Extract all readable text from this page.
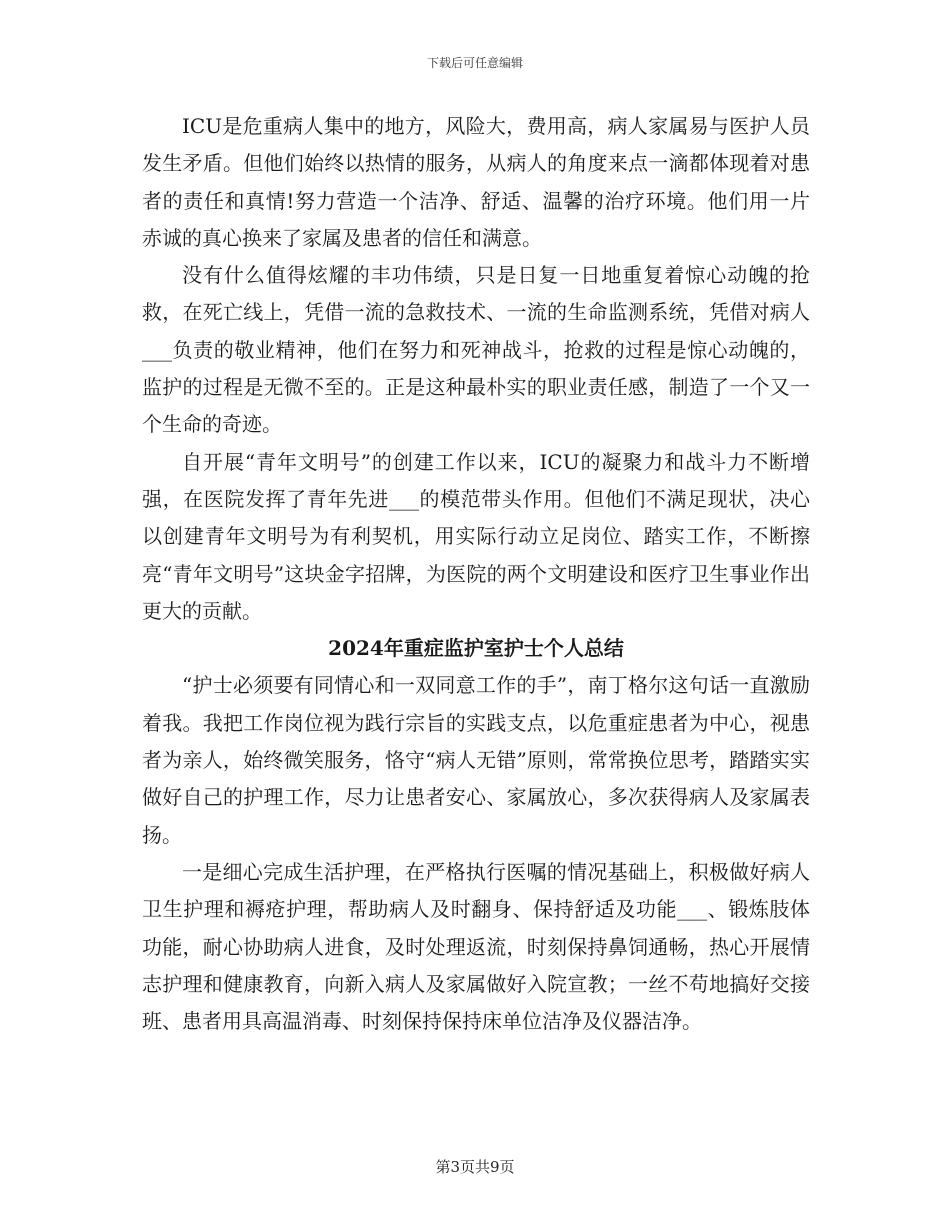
下载后可任意编辑

ICU是危重病人集中的地方，风险大，费用高，病人家属易与医护人员发生矛盾。但他们始终以热情的服务，从病人的角度来点一滴都体现着对患者的责任和真情!努力营造一个洁净、舒适、温馨的治疗环境。他们用一片赤诚的真心换来了家属及患者的信任和满意。

没有什么值得炫耀的丰功伟绩，只是日复一日地重复着惊心动魄的抢救，在死亡线上，凭借一流的急救技术、一流的生命监测系统，凭借对病人___负责的敬业精神，他们在努力和死神战斗，抢救的过程是惊心动魄的，监护的过程是无微不至的。正是这种最朴实的职业责任感，制造了一个又一个生命的奇迹。

自开展“青年文明号”的创建工作以来，ICU的凝聚力和战斗力不断增强，在医院发挥了青年先进___的模范带头作用。但他们不满足现状，决心以创建青年文明号为有利契机，用实际行动立足岗位、踏实工作，不断擦亮“青年文明号”这块金字招牌，为医院的两个文明建设和医疗卫生事业作出更大的贡献。

2024年重症监护室护士个人总结

“护士必须要有同情心和一双同意工作的手”，南丁格尔这句话一直激励着我。我把工作岗位视为践行宗旨的实践支点，以危重症患者为中心，视患者为亲人，始终微笑服务，恪守“病人无错”原则，常常换位思考，踏踏实实做好自己的护理工作，尽力让患者安心、家属放心，多次获得病人及家属表扬。

一是细心完成生活护理，在严格执行医嘱的情况基础上，积极做好病人卫生护理和褥疮护理，帮助病人及时翻身、保持舒适及功能___、锻炼肢体功能，耐心协助病人进食，及时处理返流，时刻保持鼻饲通畅，热心开展情志护理和健康教育，向新入病人及家属做好入院宣教；一丝不苟地搞好交接班、患者用具高温消毒、时刻保持保持床单位洁净及仪器洁净。

第3页共9页
